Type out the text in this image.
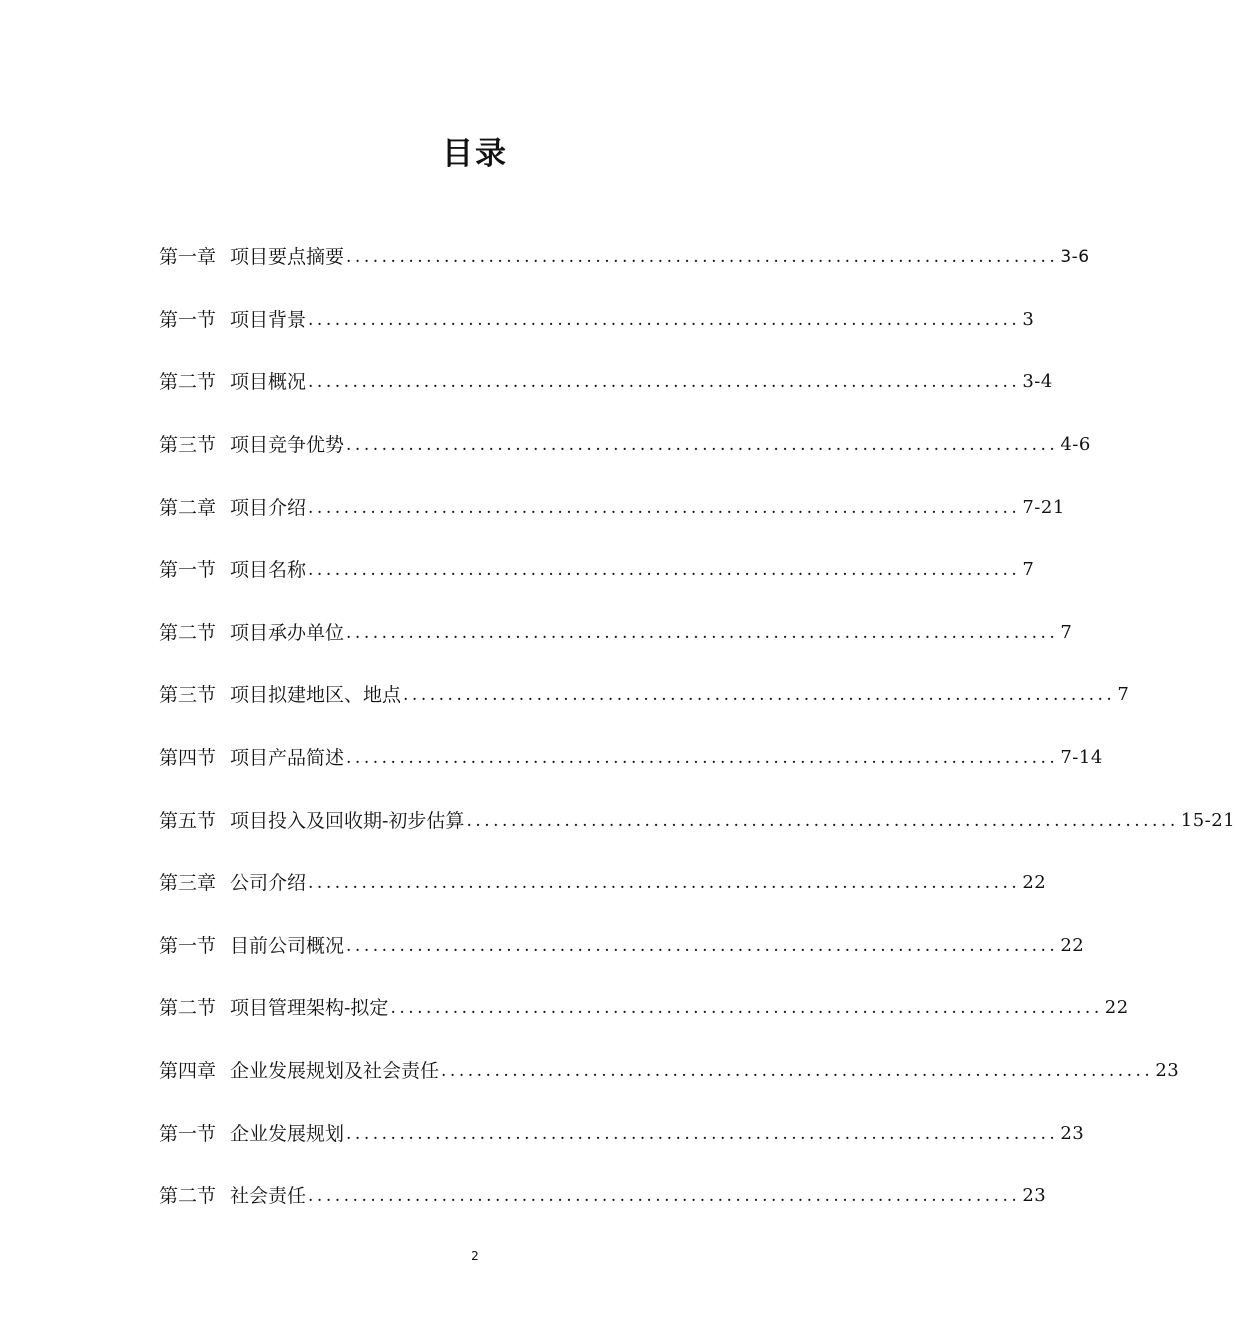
目录
第一章 项目要点摘要 ................................................................................ 3-6
第一节 项目背景 ................................................................................ 3
第二节 项目概况 ................................................................................ 3-4
第三节 项目竞争优势 ................................................................................ 4-6
第二章 项目介绍 ................................................................................ 7-21
第一节 项目名称 ................................................................................ 7
第二节 项目承办单位 ................................................................................ 7
第三节 项目拟建地区、地点 ................................................................................ 7
第四节 项目产品简述 ................................................................................ 7-14
第五节 项目投入及回收期-初步估算 ................................................................................ 15-21
第三章 公司介绍 ................................................................................ 22
第一节 目前公司概况 ................................................................................ 22
第二节 项目管理架构-拟定 ................................................................................ 22
第四章 企业发展规划及社会责任 ................................................................................ 23
第一节 企业发展规划 ................................................................................ 23
第二节 社会责任 ................................................................................ 23
2
